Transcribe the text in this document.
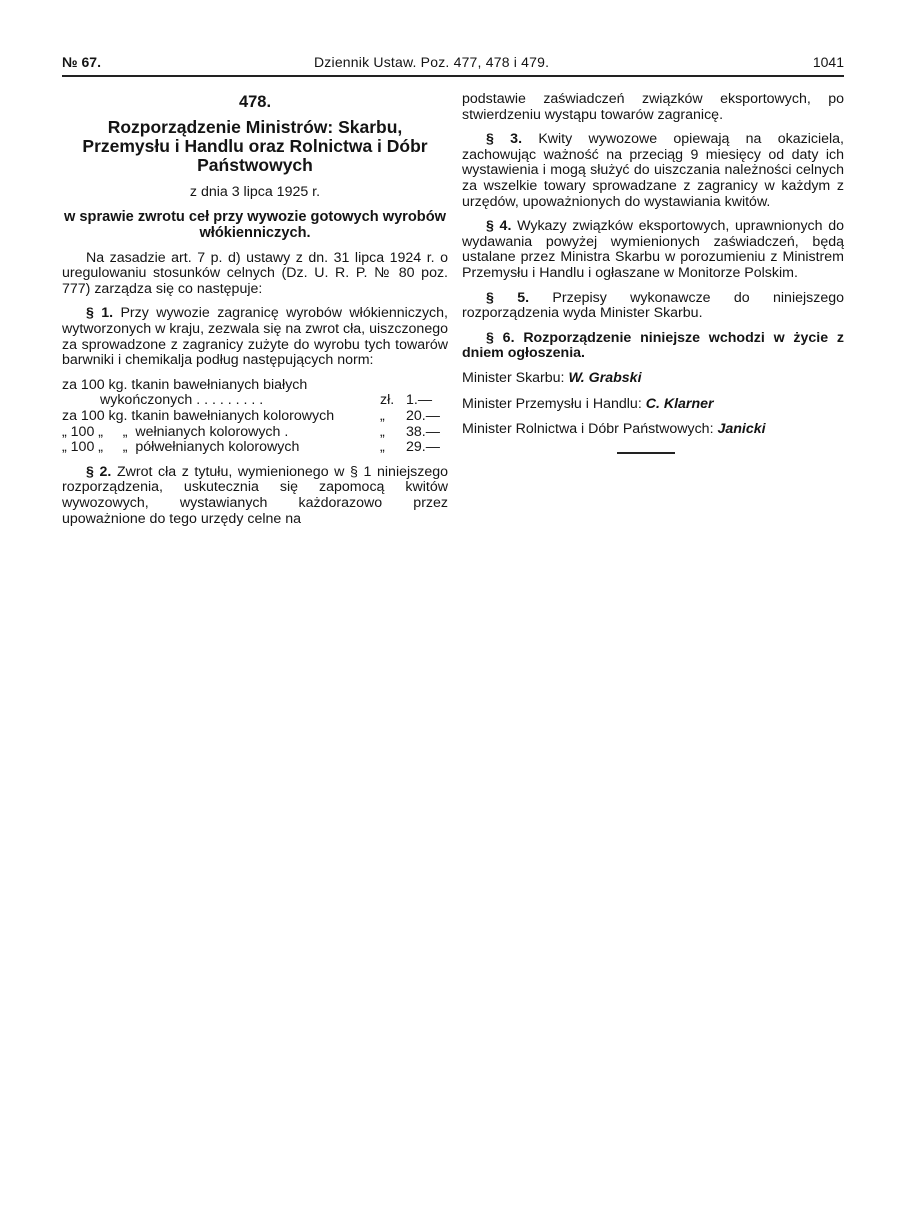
№ 67.	Dziennik Ustaw. Poz. 477, 478 i 479.	1041
478.
Rozporządzenie Ministrów: Skarbu, Przemysłu i Handlu oraz Rolnictwa i Dóbr Państwowych
z dnia 3 lipca 1925 r.
w sprawie zwrotu ceł przy wywozie gotowych wyrobów włókienniczych.

Na zasadzie art. 7 p. d) ustawy z dn. 31 lipca 1924 r. o uregulowaniu stosunków celnych (Dz. U. R. P. № 80 poz. 777) zarządza się co następuje:

§ 1. Przy wywozie zagranicę wyrobów włókienniczych, wytworzonych w kraju, zezwala się na zwrot cła, uiszczonego za sprowadzone z zagranicy zużyte do wyrobu tych towarów barwniki i chemikalja podług następujących norm:

za 100 kg. tkanin bawełnianych białych
wykończonych . . . . . . . . .	zł. 1.—
za 100 kg. tkanin bawełnianych kolorowych	„ 20.—
„ 100 „     „  wełnianych kolorowych .	„ 38.—
„ 100 „     „  półwełnianych kolorowych	„ 29.—

§ 2. Zwrot cła z tytułu, wymienionego w § 1 niniejszego rozporządzenia, uskutecznia się zapomocą kwitów wywozowych, wystawianych każdorazowo przez upoważnione do tego urzędy celne na

podstawie zaświadczeń związków eksportowych, po stwierdzeniu wystąpu towarów zagranicę.

§ 3. Kwity wywozowe opiewają na okaziciela, zachowując ważność na przeciąg 9 miesięcy od daty ich wystawienia i mogą służyć do uiszczania należności celnych za wszelkie towary sprowadzane z zagranicy w każdym z urzędów, upoważnionych do wystawiania kwitów.

§ 4. Wykazy związków eksportowych, uprawnionych do wydawania powyżej wymienionych zaświadczeń, będą ustalane przez Ministra Skarbu w porozumieniu z Ministrem Przemysłu i Handlu i ogłaszane w Monitorze Polskim.

§ 5. Przepisy wykonawcze do niniejszego rozporządzenia wyda Minister Skarbu.

§ 6. Rozporządzenie niniejsze wchodzi w życie z dniem ogłoszenia.

Minister Skarbu: W. Grabski
Minister Przemysłu i Handlu: C. Klarner
Minister Rolnictwa i Dóbr Państwowych: Janicki
